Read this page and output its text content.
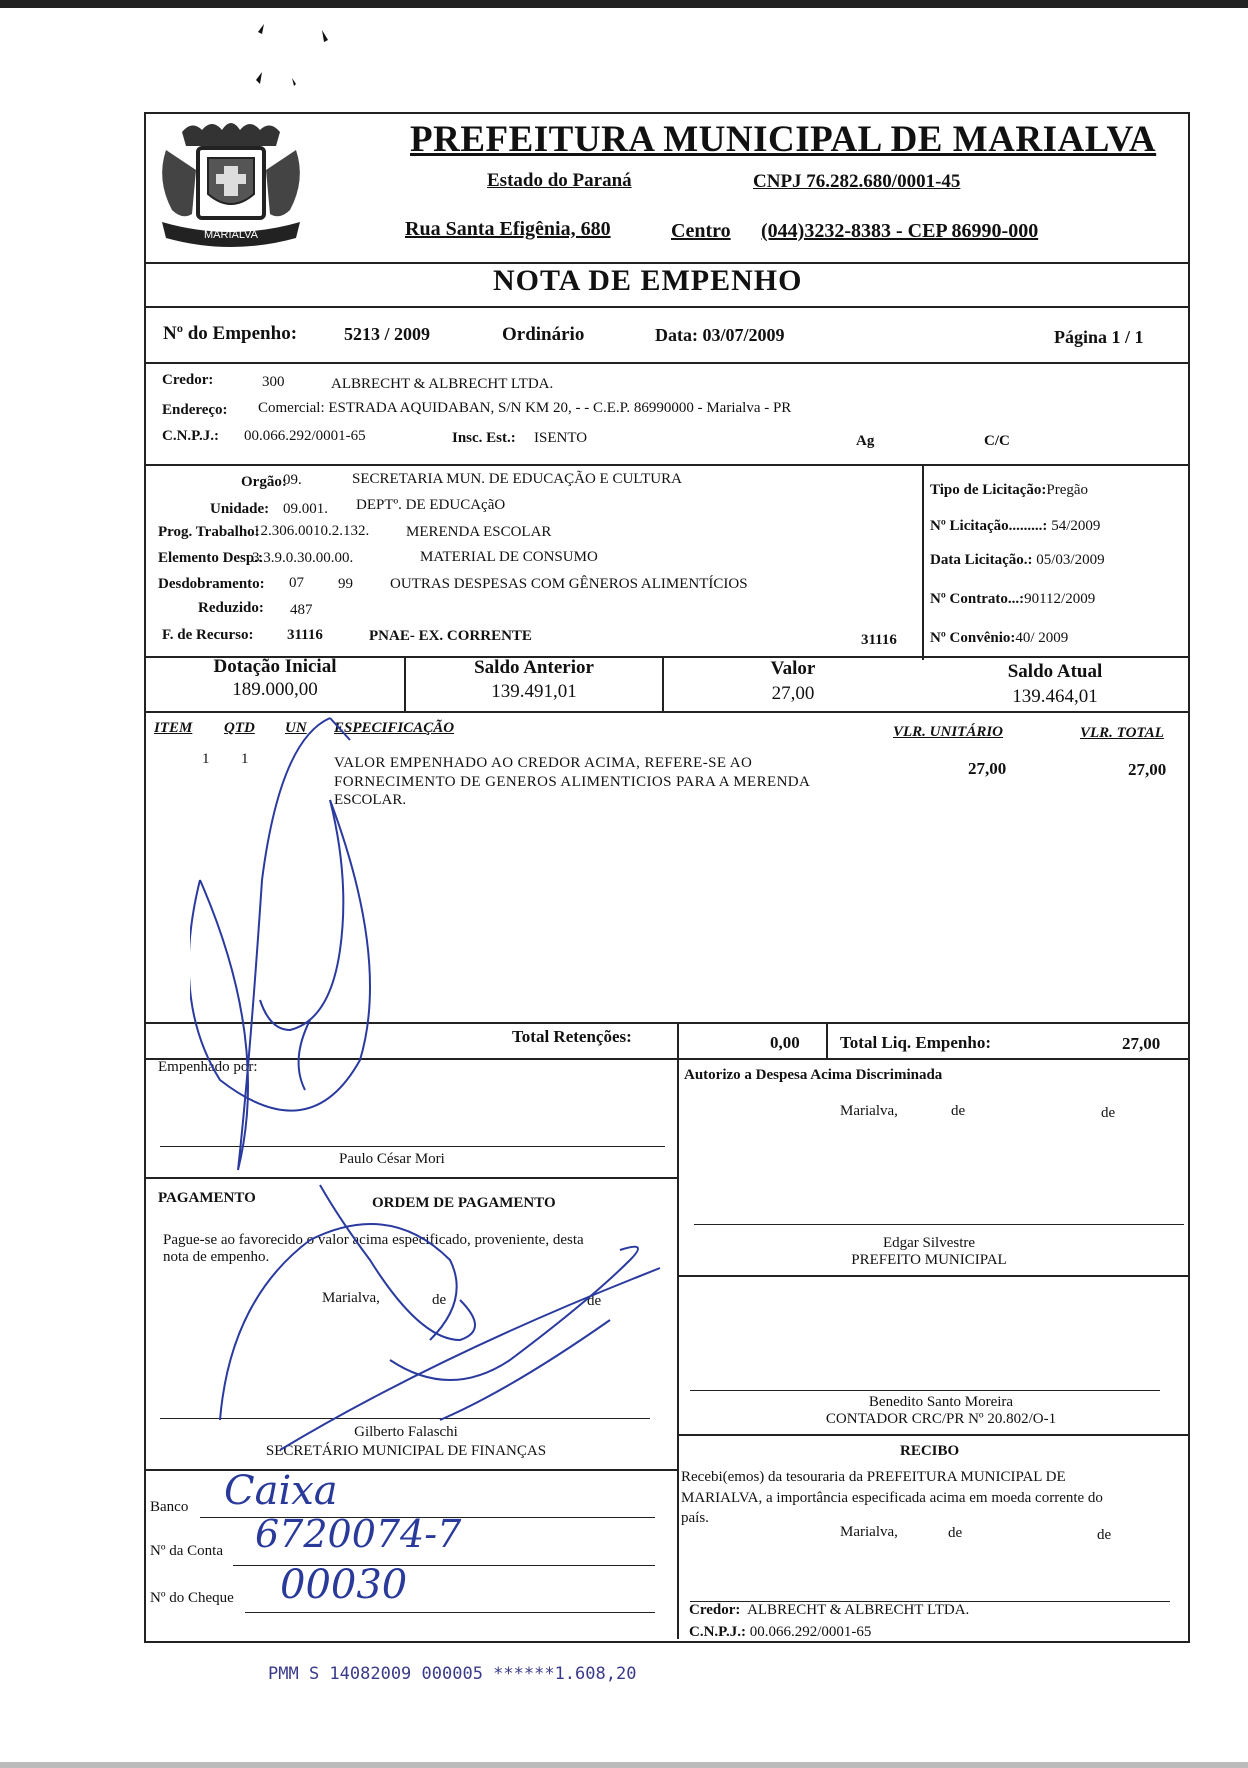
MARIALVA
PREFEITURA MUNICIPAL DE MARIALVA
Estado do Paraná	CNPJ 76.282.680/0001-45
Rua Santa Efigênia, 680	Centro (044)3232-8383 - CEP 86990-000
NOTA DE EMPENHO
Nº do Empenho:	5213 / 2009	Ordinário	Data: 03/07/2009	Página 1 / 1
Credor:	300	ALBRECHT & ALBRECHT LTDA.
Endereço: Comercial: ESTRADA AQUIDABAN, S/N KM 20, - - C.E.P. 86990000 - Marialva - PR
C.N.P.J.: 00.066.292/0001-65	Insc. Est.: ISENTO	Ag	C/C
Orgão:
09.	SECRETARIA MUN. DE EDUCAÇÃO E CULTURA
Unidade: 09.001. DEPTº. DE EDUCAçãO
Prog. Trabalho:
12.306.0010.2.132. MERENDA ESCOLAR
Elemento Desp.:
3.3.9.0.30.00.00.	MATERIAL DE CONSUMO
Desdobramento: 07 99 OUTRAS DESPESAS COM GÊNEROS ALIMENTÍCIOS
Reduzido: 487
F. de Recurso: 31116	PNAE- EX. CORRENTE	31116
Tipo de Licitação:Pregão
Nº Licitação.........: 54/2009
Data Licitação.: 05/03/2009
Nº Contrato...:90112/2009
Nº Convênio:40/ 2009
Dotação Inicial
189.000,00
Saldo Anterior
139.491,01
Valor
27,00
Saldo Atual
139.464,01
ITEM QTD UN ESPECIFICAÇÃO	VLR. UNITÁRIO	VLR. TOTAL
1 1	VALOR EMPENHADO AO CREDOR ACIMA, REFERE-SE AO
FORNECIMENTO DE GENEROS ALIMENTICIOS PARA A MERENDA
ESCOLAR.
27,00	27,00
Total Retenções:	0,00 Total Liq. Empenho:	27,00
Empenhado por:
Paulo César Mori
Autorizo a Despesa Acima Discriminada
Marialva,	de	de
Edgar Silvestre
PREFEITO MUNICIPAL
PAGAMENTO	ORDEM DE PAGAMENTO
Pague-se ao favorecido o valor acima especificado, proveniente, desta
nota de empenho.
Marialva,	de	de
Gilberto Falaschi
SECRETÁRIO MUNICIPAL DE FINANÇAS
Benedito Santo Moreira
CONTADOR CRC/PR Nº 20.802/O-1
RECIBO
Recebi(emos) da tesouraria da PREFEITURA MUNICIPAL DE
MARIALVA, a importância especificada acima em moeda corrente do
país.
Marialva,	de	de
Credor: ALBRECHT & ALBRECHT LTDA.
C.N.P.J.: 00.066.292/0001-65
Banco Caixa
Nº da Conta 6720074-7
Nº do Cheque 00030
PMM S 14082009 000005 ******1.608,20
